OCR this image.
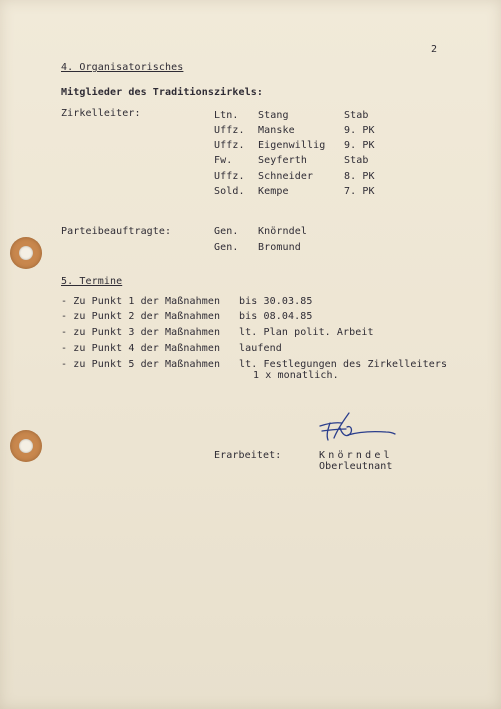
2
4. Organisatorisches
Mitglieder des Traditionszirkels:
Zirkelleiter:	Ltn. Stang	Stab
Uffz. Manske	9. PK
Uffz. Eigenwillig 9. PK
Fw.	Seyferth	Stab
Uffz. Schneider	8. PK
Sold. Kempe	7. PK
Parteibeauftragte:	Gen. Knörndel
Gen. Bromund
5. Termine
- Zu Punkt 1 der Maßnahmen bis 30.03.85
- zu Punkt 2 der Maßnahmen bis 08.04.85
- zu Punkt 3 der Maßnahmen lt. Plan polit. Arbeit
- zu Punkt 4 der Maßnahmen laufend
- zu Punkt 5 der Maßnahmen lt. Festlegungen des Zirkelleiters
1 x monatlich.
Erarbeitet:	Knörndel
Oberleutnant
